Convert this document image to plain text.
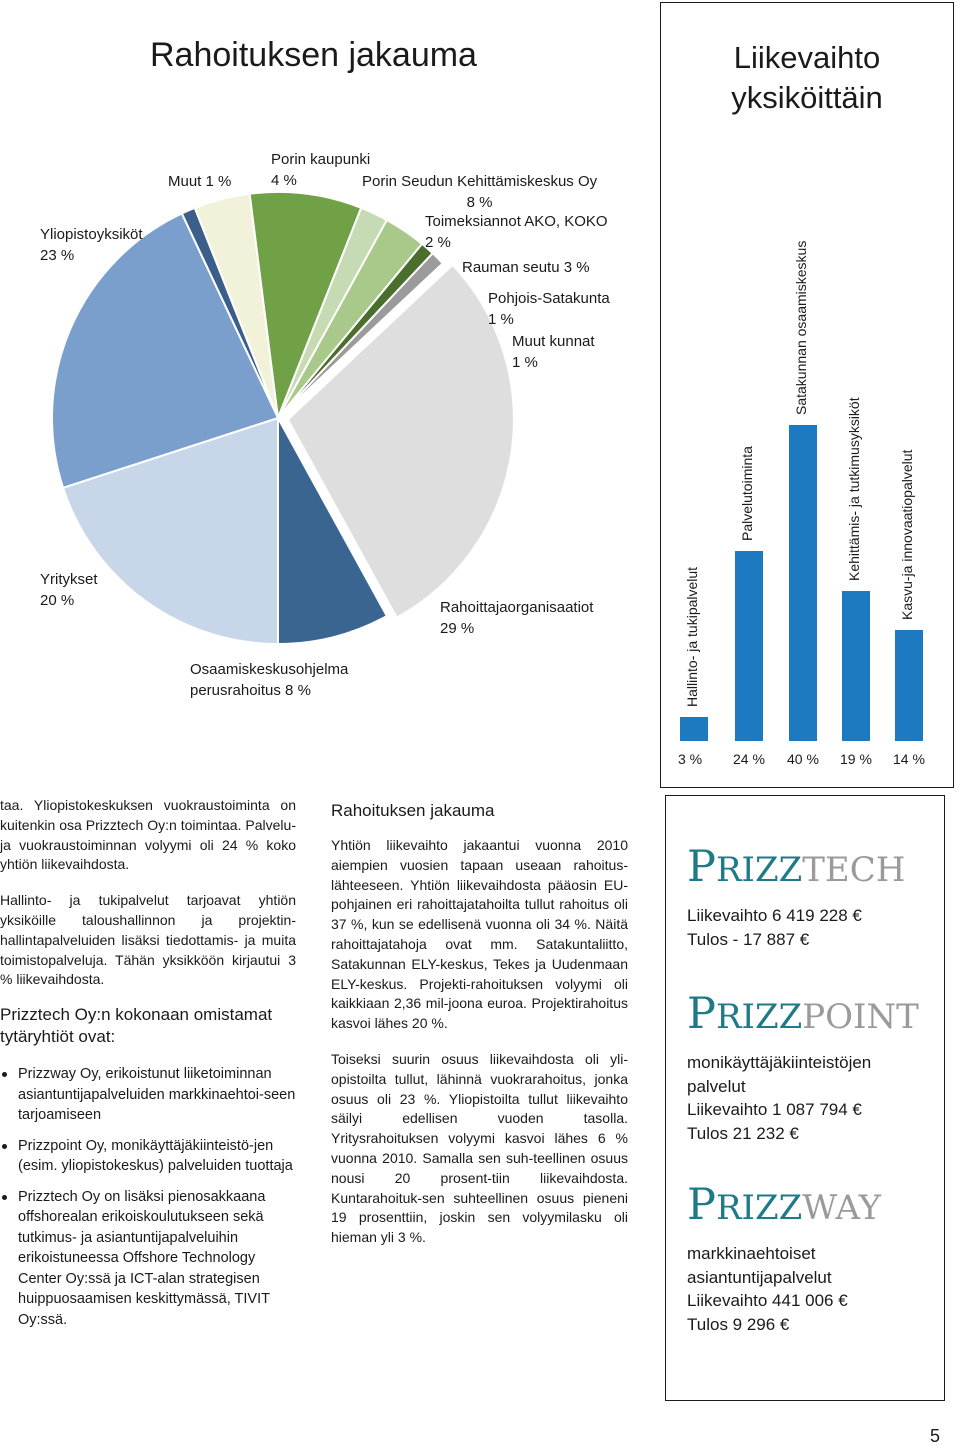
Rahoituksen jakauma
Yliopistoyksiköt
23 %
Muut 1 %
Porin kaupunki
4 %	Porin Seudun Kehittämiskeskus Oy
8 %
Toimeksiannot AKO, KOKO
2 %
Rauman seutu 3 %
Pohjois-Satakunta
1 %
Muut kunnat
1 %
Rahoittajaorganisaatiot
29 %
Osaamiskeskusohjelma
perusrahoitus 8 %
Yritykset
20 %
Liikevaihto
yksiköittäin
Hallinto- ja tukipalvelut
3 %
Palvelutoiminta
24 %
Satakunnan osaamiskeskus
40 %
Kehittämis- ja tutkimusyksiköt
19 %
Kasvu-ja innovaatiopalvelut
14 %

taa. Yliopistokeskuksen vuokraustoiminta on kuitenkin osa Prizztech Oy:n toimintaa. Palvelu- ja vuokraustoiminnan volyymi oli 24 % koko yhtiön liikevaihdosta.

Hallinto- ja tukipalvelut tarjoavat yhtiön yksiköille taloushallinnon ja projektin-hallintapalveluiden lisäksi tiedottamis- ja muita toimistopalveluja. Tähän yksikköön kirjautui 3 % liikevaihdosta.

Prizztech Oy:n kokonaan omistamat tytäryhtiöt ovat:

Prizzway Oy, erikoistunut liiketoiminnan asiantuntijapalveluiden markkinaehtoi-seen tarjoamiseen
Prizzpoint Oy, monikäyttäjäkiinteistö-jen (esim. yliopistokeskus) palveluiden tuottaja
Prizztech Oy on lisäksi pienosakkaana offshorealan erikoiskoulutukseen sekä tutkimus- ja asiantuntijapalveluihin erikoistuneessa Offshore Technology Center Oy:ssä ja ICT-alan strategisen huippuosaamisen keskittymässä, TIVIT Oy:ssä.

Rahoituksen jakauma

Yhtiön liikevaihto jakaantui vuonna 2010 aiempien vuosien tapaan useaan rahoitus-lähteeseen. Yhtiön liikevaihdosta pääosin EU-pohjainen eri rahoittajatahoilta tullut rahoitus oli 37 %, kun se edellisenä vuonna oli 34 %. Näitä rahoittajatahoja ovat mm. Satakuntaliitto, Satakunnan ELY-keskus, Tekes ja Uudenmaan ELY-keskus. Projekti-rahoituksen volyymi oli kaikkiaan 2,36 mil-joona euroa. Projektirahoitus kasvoi lähes 20 %.

Toiseksi suurin osuus liikevaihdosta oli yli-opistoilta tullut, lähinnä vuokrarahoitus, jonka osuus oli 23 %. Yliopistoilta tullut liikevaihto säilyi edellisen vuoden tasolla. Yritysrahoituksen volyymi kasvoi lähes 6 % vuonna 2010. Samalla sen suh-teellinen osuus nousi 20 prosent-tiin liikevaihdosta. Kuntarahoituk-sen suhteellinen osuus pieneni 19 prosenttiin, joskin sen volyymilasku oli hieman yli 3 %.

PRIZZTECH
Liikevaihto 6 419 228 €
Tulos - 17 887 €
PRIZZPOINT
monikäyttäjäkiinteistöjen
palvelut
Liikevaihto 1 087 794 €
Tulos 21 232 €
PRIZZWAY
markkinaehtoiset
asiantuntijapalvelut
Liikevaihto 441 006 €
Tulos 9 296 €
5
